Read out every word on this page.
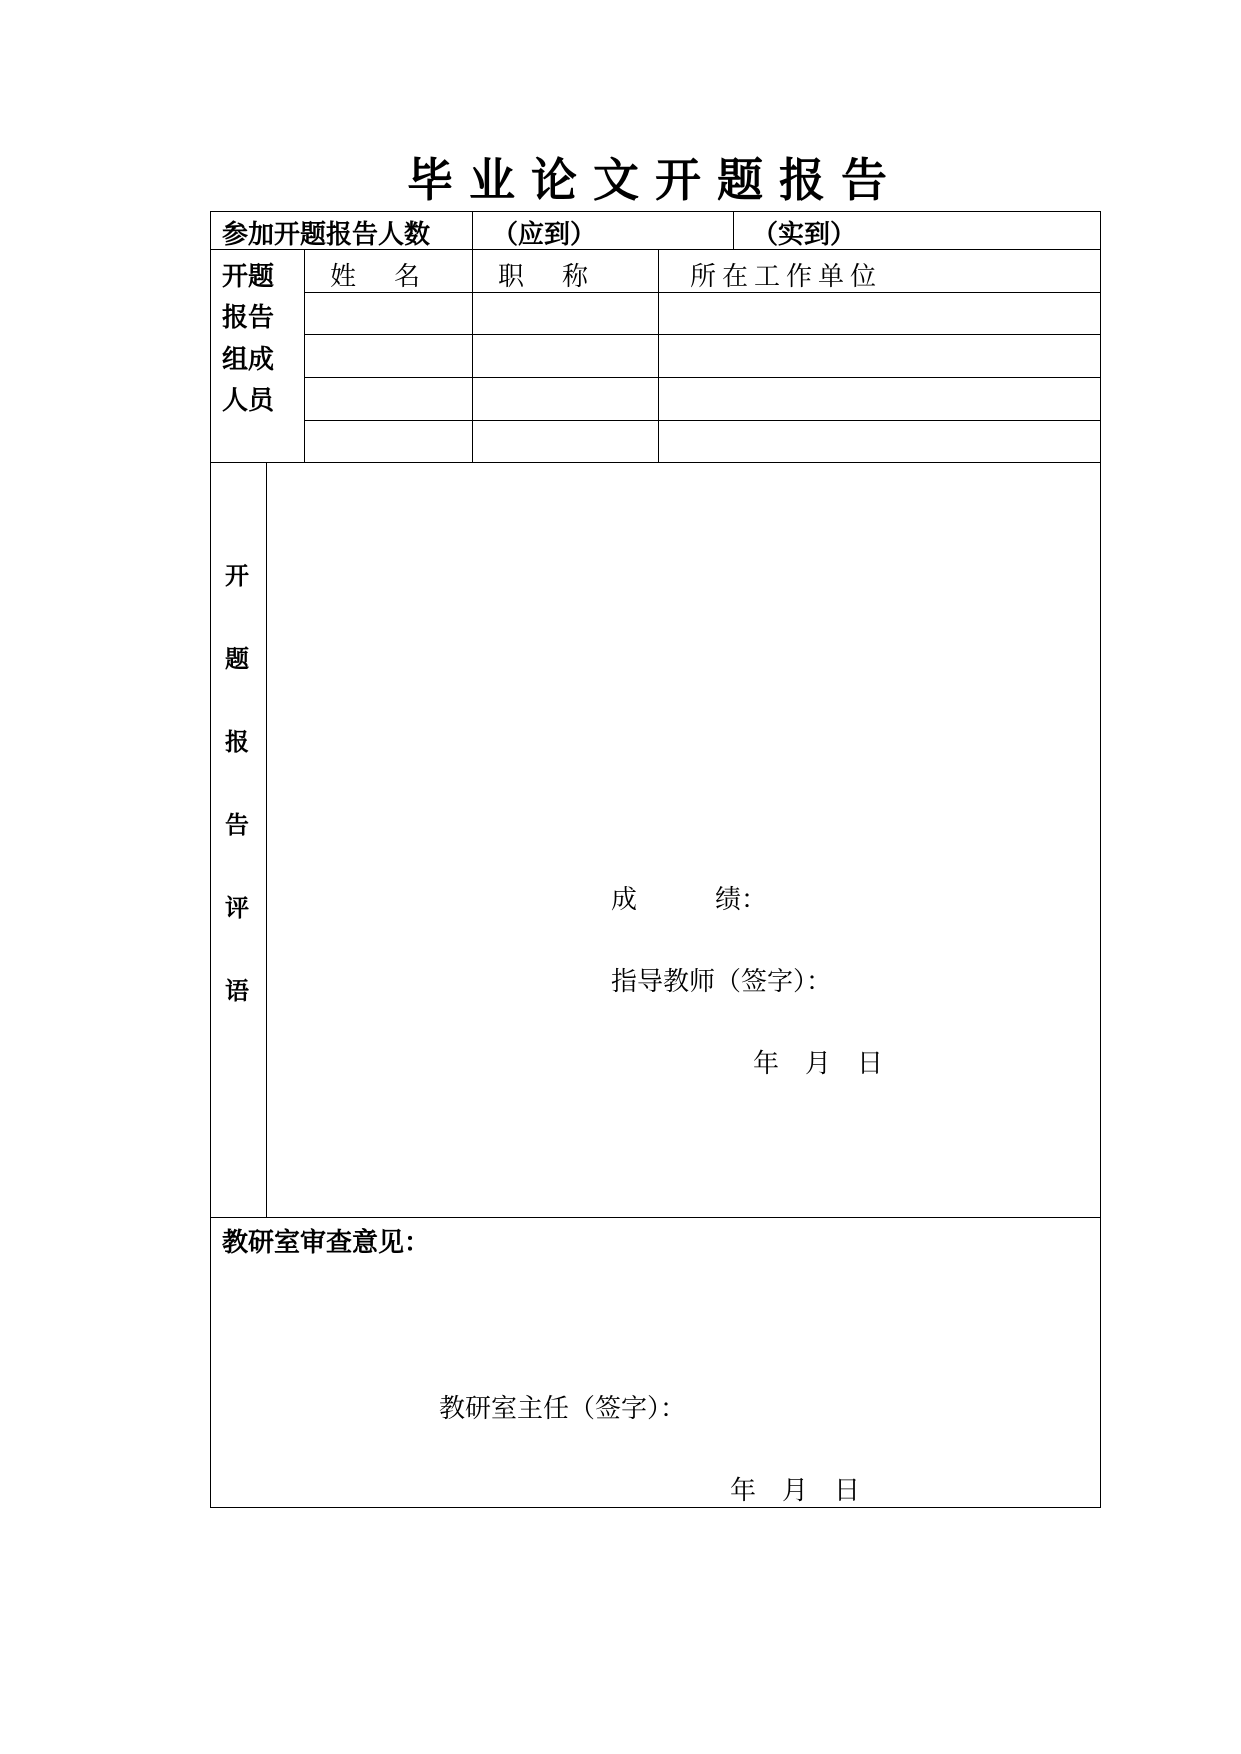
毕业论文开题报告
参加开题报告人数 （应到）	（实到）
开题
报告
组成
人员
姓　名	职　称	所在工作单位
开
题
报
告
评
语
成　　　绩：
指导教师（签字）：
年　月　日
教研室审查意见：
教研室主任（签字）：
年　月　日
